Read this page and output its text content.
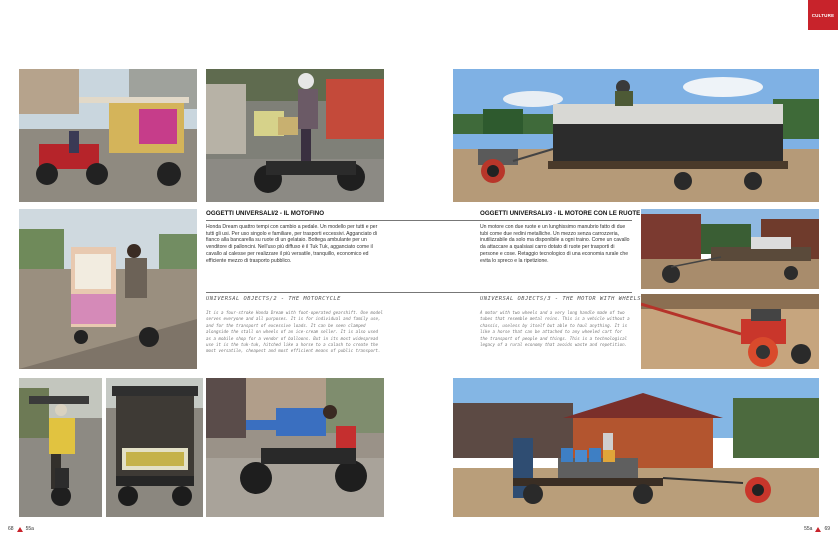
CULTURE
OGGETTI UNIVERSALI/2 - IL MOTOFINO

Honda Dream quattro tempi con cambio a pedale. Un modello per tutti e per tutti gli usi. Per uso singolo e familiare, per trasporti eccessivi. Agganciato di fianco alla bancarella su ruote di un gelataio. Bottega ambulante per un venditore di palloncini. Nell'uso più diffuso è il Tuk Tuk, agganciato come il cavallo al calesse per realizzare il più versatile, tranquillo, economico ed efficiente mezzo di trasporto pubblico.

UNIVERSAL OBJECTS/2 - THE MOTORCYCLE

It is a four-stroke Honda Dream with foot-operated gearshift. One model serves everyone and all purposes. It is for individual and family use, and for the transport of excessive loads. It can be seen clamped alongside the stall on wheels of an ice-cream seller. It is also used as a mobile shop for a vendor of balloons. But in its most widespread use it is the tuk-tuk, hitched like a horse to a calash to create the most versatile, cheapest and most efficient means of public transport.

OGGETTI UNIVERSALI/3 - IL MOTORE CON LE RUOTE

Un motore con due ruote e un lunghissimo manubrio fatto di due tubi come due redini metalliche. Un mezzo senza carrozzeria, inutilizzabile da solo ma disponibile a ogni traino. Come un cavallo da attaccare a qualsiasi carro dotato di ruote per trasporti di persone e cose. Retaggio tecnologico di una economia rurale che evita lo spreco e la ripetizione.

UNIVERSAL OBJECTS/3 - THE MOTOR WITH WHEELS

A motor with two wheels and a very long handle made of two tubes that resemble metal reins. This is a vehicle without a chassis, useless by itself but able to haul anything. It is like a horse that can be attached to any wheeled cart for the transport of people and things. This is a technological legacy of a rural economy that avoids waste and repetition.

68 55a	55a 69
